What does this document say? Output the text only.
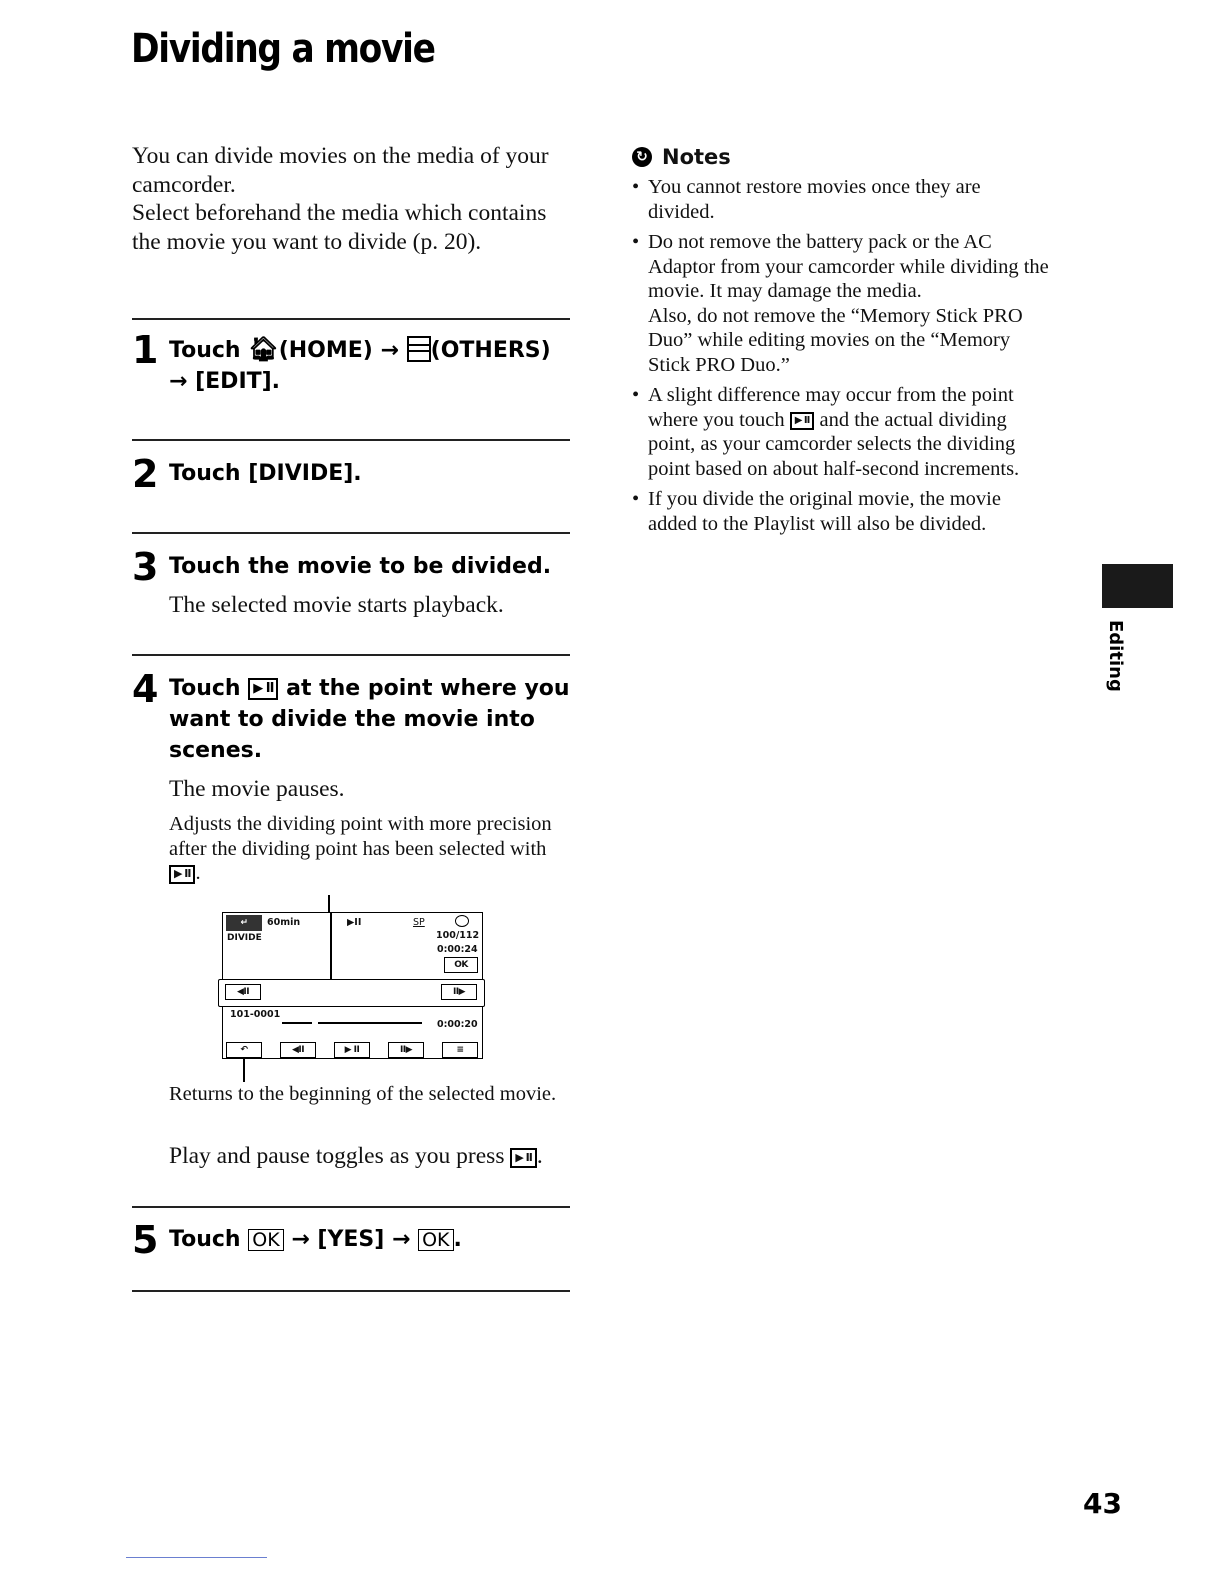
Dividing a movie

You can divide movies on the media of your camcorder.

Select beforehand the media which contains the movie you want to divide (p. 20).

1 Touch 🏠︎(HOME) → (OTHERS)
→ [EDIT].
2 Touch [DIVIDE].
3 Touch the movie to be divided.
The selected movie starts playback.
4 Touch ▶ II at the point where you want to divide the movie into scenes.
The movie pauses.
Adjusts the dividing point with more precision after the dividing point has been selected with ▶ II .
↵	60min
DIVIDE
▶II	SP
100/112
0:00:24
OK
◀II	II▶
101-0001
0:00:20
↶	◀II	▶ II	II▶	≡
Returns to the beginning of the selected movie.
Play and pause toggles as you press ▶ II .
5 Touch OK → [YES] → OK .
↻ Notes
• You cannot restore movies once they are divided.
• Do not remove the battery pack or the AC Adaptor from your camcorder while dividing the movie. It may damage the media.
Also, do not remove the “Memory Stick PRO Duo” while editing movies on the “Memory Stick PRO Duo.”
• A slight difference may occur from the point where you touch ▶ II and the actual dividing point, as your camcorder selects the dividing point based on about half-second increments.
• If you divide the original movie, the movie added to the Playlist will also be divided.
Editing
43
